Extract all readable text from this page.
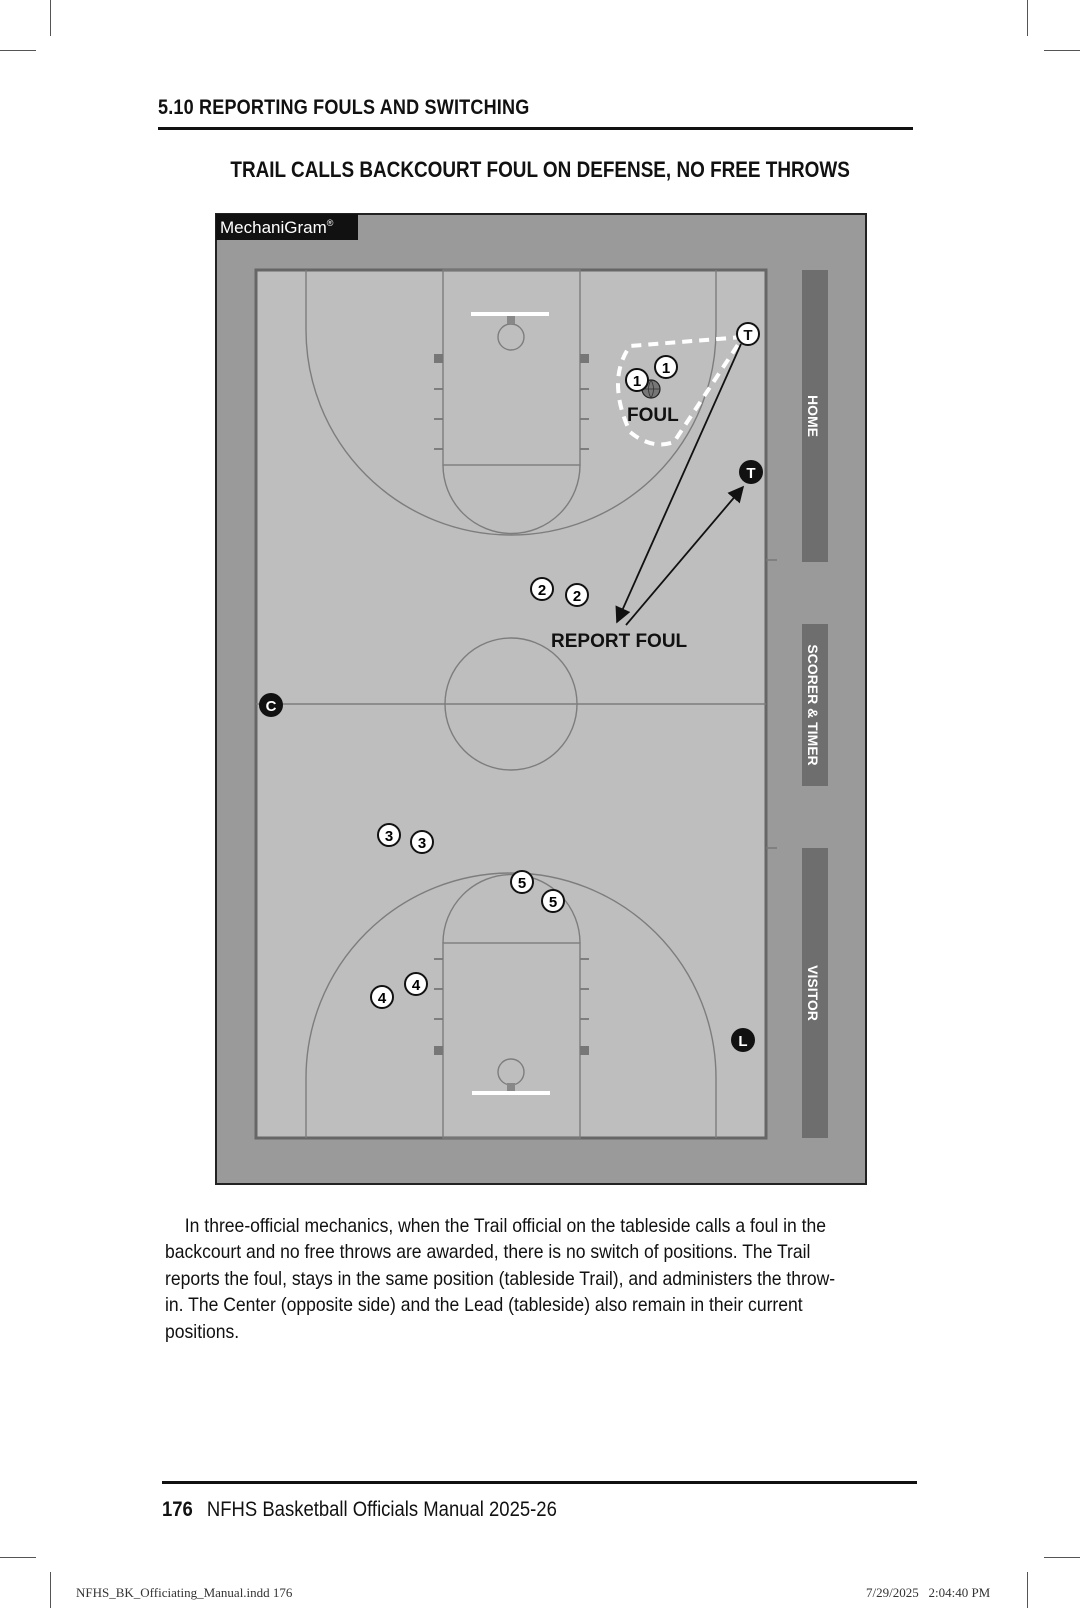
5.10 REPORTING FOULS AND SWITCHING
TRAIL CALLS BACKCOURT FOUL ON DEFENSE, NO FREE THROWS
MechaniGram®
HOME
SCORER & TIMER
VISITOR
FOUL
REPORT FOUL
1
1
2 2
3 3
4
4
5
5
T
T
C
L

In three-official mechanics, when the Trail official on the tableside calls a foul in the backcourt and no free throws are awarded, there is no switch of positions. The Trail reports the foul, stays in the same position (tableside Trail), and administers the throw-in. The Center (opposite side) and the Lead (tableside) also remain in their current positions.

176 NFHS Basketball Officials Manual 2025-26
NFHS_BK_Officiating_Manual.indd 176	7/29/2025   2:04:40 PM
